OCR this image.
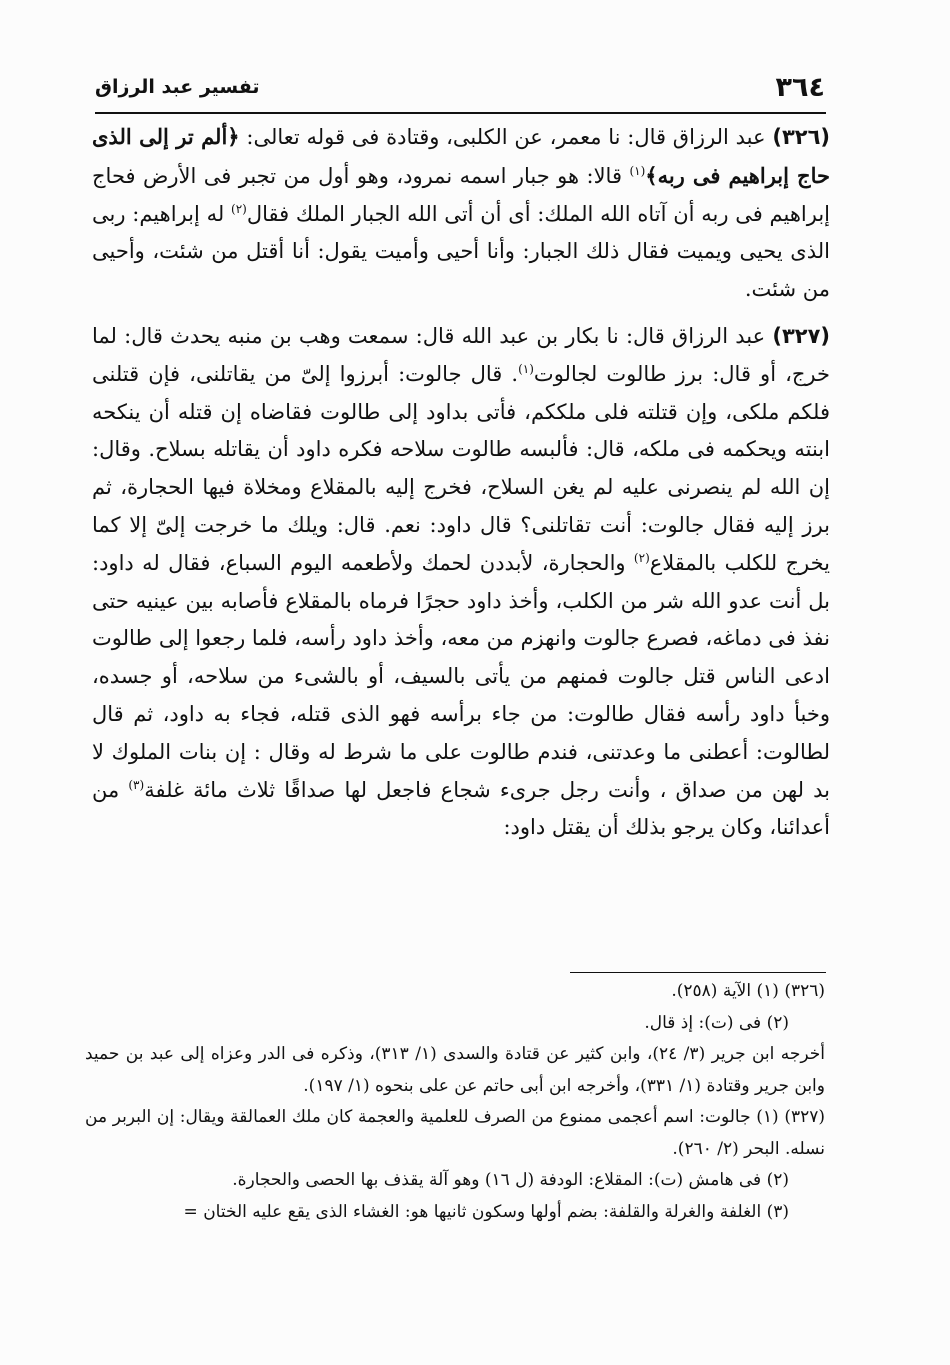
٣٦٤
تفسير عبد الرزاق

(٣٢٦) عبد الرزاق قال: نا معمر، عن الكلبى، وقتادة فى قوله تعالى: ﴿ألم تر إلى الذى حاج إبراهيم فى ربه﴾$^{(١)}$ قالا: هو جبار اسمه نمرود، وهو أول من تجبر فى الأرض فحاج إبراهيم فى ربه أن آتاه الله الملك: أى أن أتى الله الجبار الملك فقال$^{(٢)}$ له إبراهيم: ربى الذى يحيى ويميت فقال ذلك الجبار: وأنا أحيى وأميت يقول: أنا أقتل من شئت، وأحيى من شئت.

(٣٢٧) عبد الرزاق قال: نا بكار بن عبد الله قال: سمعت وهب بن منبه يحدث قال: لما خرج، أو قال: برز طالوت لجالوت$^{(١)}$. قال جالوت: أبرزوا إلىّ من يقاتلنى، فإن قتلنى فلكم ملكى، وإن قتلته فلى ملككم، فأتى بداود إلى طالوت فقاضاه إن قتله أن ينكحه ابنته ويحكمه فى ملكه، قال: فألبسه طالوت سلاحه فكره داود أن يقاتله بسلاح. وقال: إن الله لم ينصرنى عليه لم يغن السلاح، فخرج إليه بالمقلاع ومخلاة فيها الحجارة، ثم برز إليه فقال جالوت: أنت تقاتلنى؟ قال داود: نعم. قال: ويلك ما خرجت إلىّ إلا كما يخرج للكلب بالمقلاع$^{(٢)}$ والحجارة، لأبددن لحمك ولأطعمه اليوم السباع، فقال له داود: بل أنت عدو الله شر من الكلب، وأخذ داود حجرًا فرماه بالمقلاع فأصابه بين عينيه حتى نفذ فى دماغه، فصرع جالوت وانهزم من معه، وأخذ داود رأسه، فلما رجعوا إلى طالوت ادعى الناس قتل جالوت فمنهم من يأتى بالسيف، أو بالشىء من سلاحه، أو جسده، وخبأ داود رأسه فقال طالوت: من جاء برأسه فهو الذى قتله، فجاء به داود، ثم قال لطالوت: أعطنى ما وعدتنى، فندم طالوت على ما شرط له وقال : إن بنات الملوك لا بد لهن من صداق ، وأنت رجل جرىء شجاع فاجعل لها صداقًا ثلاث مائة غلفة$^{(٣)}$ من أعدائنا، وكان يرجو بذلك أن يقتل داود:

(٣٢٦) (١) الآية (٢٥٨).

(٢) فى (ت): إذ قال.

أخرجه ابن جرير (٣/ ٢٤)، وابن كثير عن قتادة والسدى (١/ ٣١٣)، وذكره فى الدر وعزاه إلى عبد بن حميد وابن جرير وقتادة (١/ ٣٣١)، وأخرجه ابن أبى حاتم عن على بنحوه (١/ ١٩٧).

(٣٢٧) (١) جالوت: اسم أعجمى ممنوع من الصرف للعلمية والعجمة كان ملك العمالقة ويقال: إن البربر من نسله. البحر (٢/ ٢٦٠).

(٢) فى هامش (ت): المقلاع: الودفة (ل ١٦) وهو آلة يقذف بها الحصى والحجارة.

(٣) الغلفة والغرلة والقلفة: بضم أولها وسكون ثانيها هو: الغشاء الذى يقع عليه الختان =
